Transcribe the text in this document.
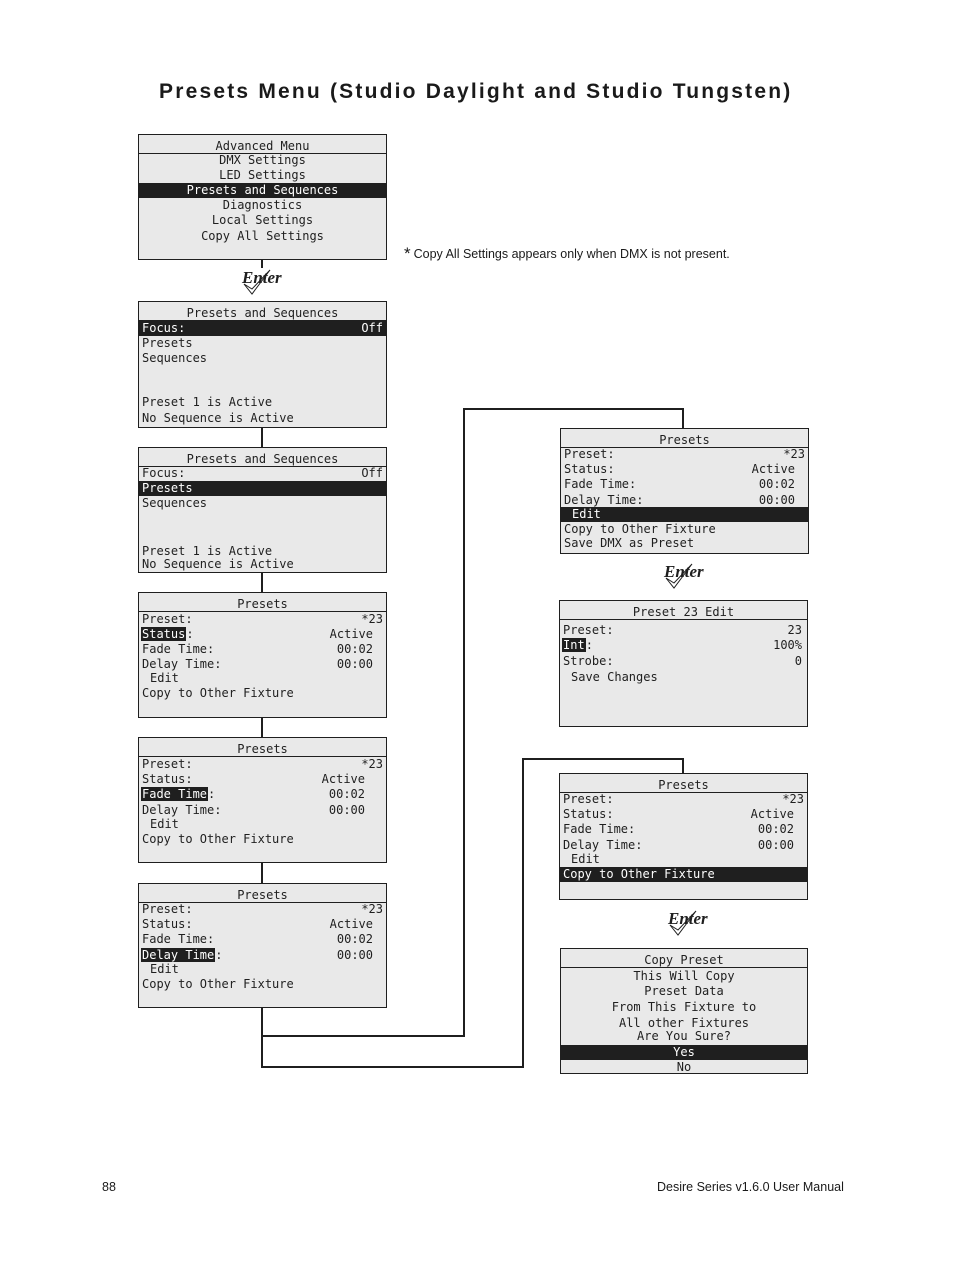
Presets Menu (Studio Daylight and Studio Tungsten)
* Copy All Settings appears only when DMX is not present.
88	Desire Series v1.6.0 User Manual
Enter
Enter
Enter
Advanced Menu
DMX Settings
LED Settings
Presets and Sequences
Diagnostics
Local Settings
Copy All Settings
Presets and Sequences
Focus:	Off
Presets
Sequences
Preset 1 is Active
No Sequence is Active
Presets and Sequences
Focus:	Off
Presets
Sequences
Preset 1 is Active
No Sequence is Active
Presets
Preset:	*23
Status:	Active
Fade Time:	00:02
Delay Time:	00:00
Edit
Copy to Other Fixture
Presets
Preset:	*23
Status:	Active
Fade Time:	00:02
Delay Time:	00:00
Edit
Copy to Other Fixture
Presets
Preset:	*23
Status:	Active
Fade Time:	00:02
Delay Time:	00:00
Edit
Copy to Other Fixture
Presets
Preset:	*23
Status:	Active
Fade Time:	00:02
Delay Time:	00:00
Edit
Copy to Other Fixture
Save DMX as Preset
Preset 23 Edit
Preset:	23
Int:	100%
Strobe:	0
Save Changes
Presets
Preset:	*23
Status:	Active
Fade Time:	00:02
Delay Time:	00:00
Edit
Copy to Other Fixture
Copy Preset
This Will Copy
Preset Data
From This Fixture to
All other Fixtures
Are You Sure?
Yes
No
